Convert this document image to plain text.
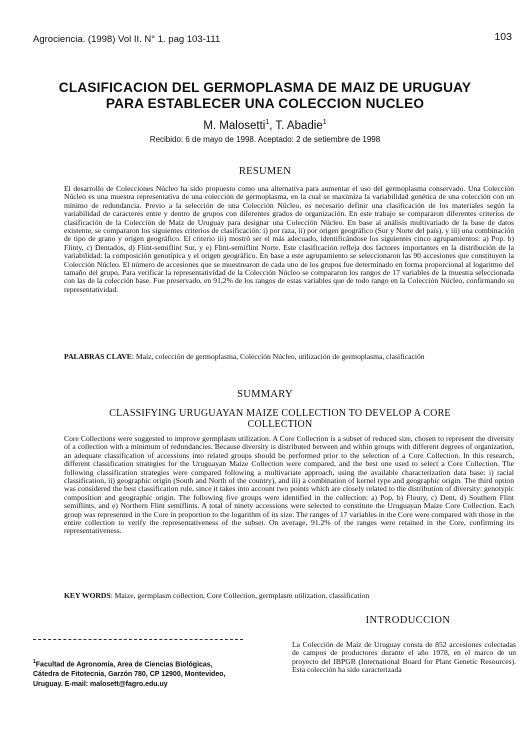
Agrociencia. (1998) Vol II. N° 1. pag 103-111	103
CLASIFICACION DEL GERMOPLASMA DE MAIZ DE URUGUAY
PARA ESTABLECER UNA COLECCION NUCLEO
M. Malosetti$^1$, T. Abadie$^1$
Recibido: 6 de mayo de 1998. Aceptado: 2 de setiembre de 1998
RESUMEN

El desarrollo de Colecciones Núcleo ha sido propuesto como una alternativa para aumentar el uso del germoplasma conservado. Una Colección Núcleo es una muestra representativa de una colección de germoplasma, en la cual se maximiza la variabilidad genética de una colección con un mínimo de redundancia. Previo a la selección de una Colección Núcleo, es necesario definir una clasificación de los materiales según la variabilidad de caracteres entre y dentro de grupos con diferentes grados de organización. En este trabajo se compararon diferentes criterios de clasificación de la Colección de Maíz de Uruguay para designar una Colección Núcleo. En base al análisis multivariado de la base de datos existente, se compararon los siguientes criterios de clasificación: i) por raza, ii) por origen geográfico (Sur y Norte del país), y iii) una combinación de tipo de grano y origen geográfico. El criterio iii) mostró ser el más adecuado, identificándose los siguientes cinco agrupamientos: a) Pop. b) Flinty, c) Dentados, d) Flint-semiflint Sur, y e) Flint-semiflint Norte. Este clasificación refleja dos factores importantes en la distribución de la variabilidad: la composición genotípica y el origen geográfico. En base a este agrupamiento se seleccionaron las 90 accesiones que constituyen la Colección Núcleo. El número de accesiones que se muestrearon de cada uno de los grupos fue determinado en forma proporcional al logaritmo del tamaño del grupo. Para verificar la representatividad de la Colección Núcleo se compararon los rangos de 17 variables de la muestra seleccionada con las de la colección base. Fue preservado, en 91,2% de los rangos de estas variables que de todo rango en la Colección Núcleo, confirmando su representatividad.

PALABRAS CLAVE: Maíz, colección de germoplasma, Colección Núcleo, utilización de germoplasma, clasificación

SUMMARY
CLASSIFYING URUGUAYAN MAIZE COLLECTION TO DEVELOP A CORE
COLLECTION

Core Collections were suggested to improve germplasm utilization. A Core Collection is a subset of reduced size, chosen to represent the diversity of a collection with a minimum of redundancies. Because diversity is distributed between and within groups with different degrees of organization, an adequate classification of accessions into related groups should be performed prior to the selection of a Core Collection. In this research, different classification strategies for the Uruguayan Maize Collection were compared, and the best one used to select a Core Collection. The following classification strategies were compared following a multivariate approach, using the available characterization data base: i) racial classification, ii) geographic origin (South and North of the country), and iii) a combination of kernel type and geographic origin. The third option was considered the best classification rule, since it takes into account two points which are closely related to the distribution of diversity: genotypic composition and geographic origin. The following five groups were identified in the collection: a) Pop, b) Floury, c) Dent, d) Southern Flint semiflints, and e) Northern Flint semiflints. A total of ninety accessions were selected to constitute the Uruguayan Maize Core Collection. Each group was represented in the Core in proportion to the logarithm of its size. The ranges of 17 variables in the Core were compared with those in the entire collection to verify the representativeness of the subset. On average, 91.2% of the ranges were retained in the Core, confirming its representativeness.

KEY WORDS: Maize, germplasm collection, Core Collection, germplasm utilization, classification

INTRODUCCION

La Colección de Maíz de Uruguay consta de 852 accesiones colectadas de campos de productores durante el año 1978, en el marco de un proyecto del IBPGR (International Board for Plant Genetic Resources). Esta colección ha sido caracterizada

$^1$Facultad de Agronomía, Area de Ciencias Biológicas,
Cátedra de Fitotecnia, Garzón 780, CP 12900, Montevideo,
Uruguay. E-mail: malosett@fagro.edu.uy
